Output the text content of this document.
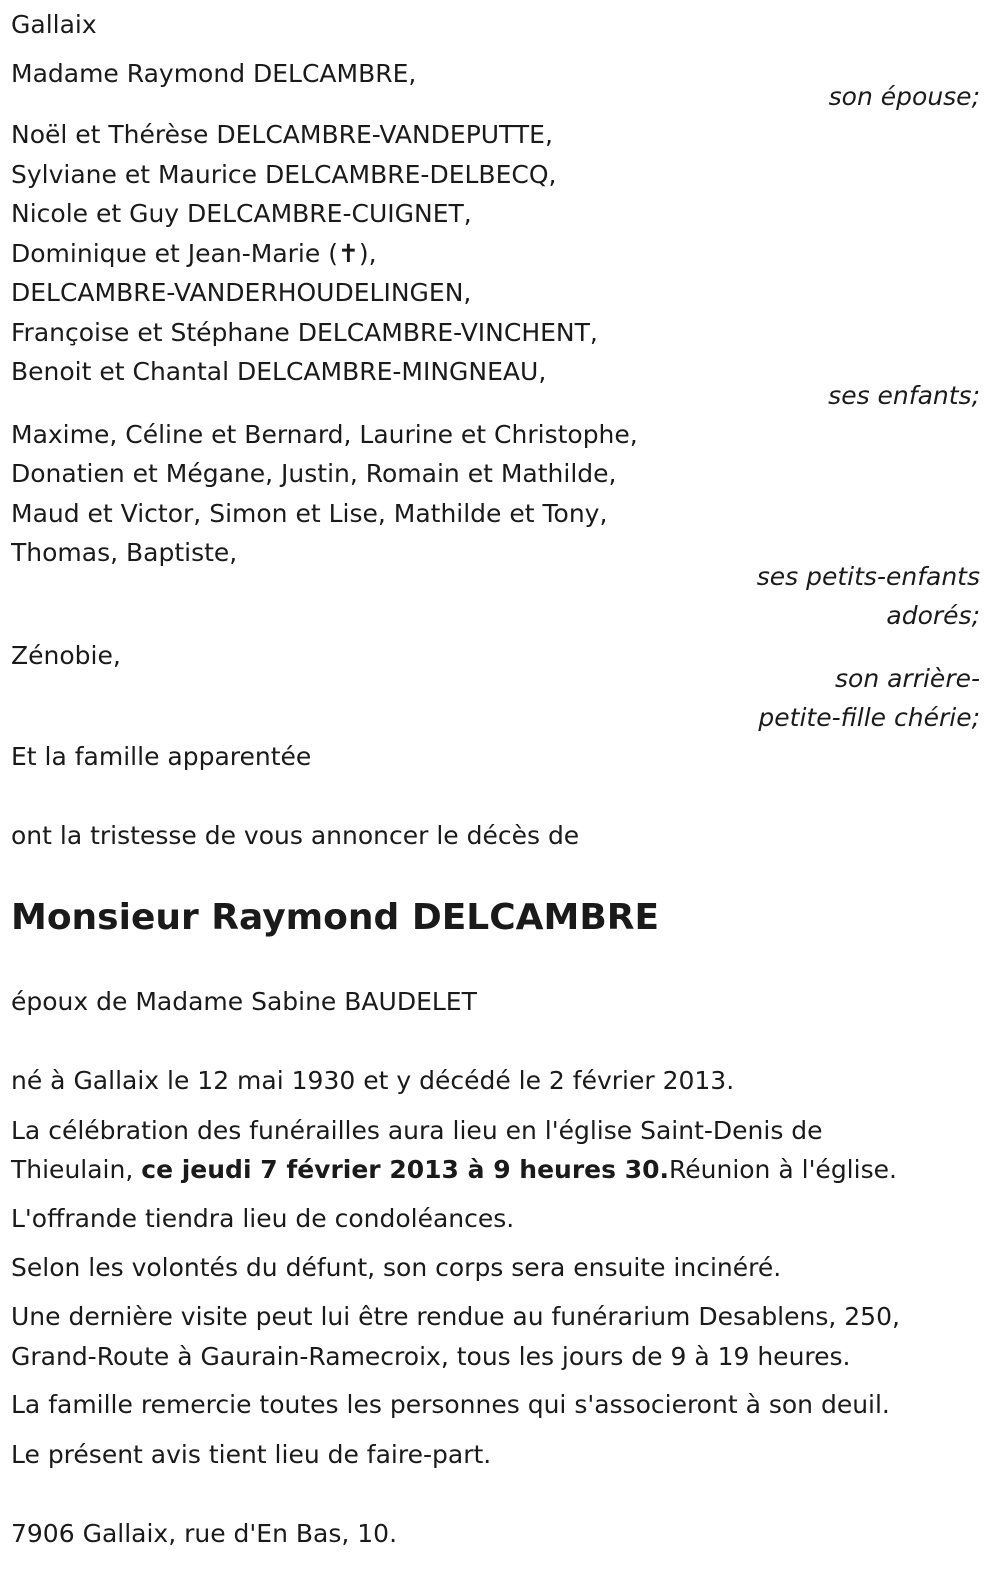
Gallaix
Madame Raymond DELCAMBRE,
son épouse;
Noël et Thérèse DELCAMBRE-VANDEPUTTE,
Sylviane et Maurice DELCAMBRE-DELBECQ,
Nicole et Guy DELCAMBRE-CUIGNET,
Dominique et Jean-Marie (✝),
DELCAMBRE-VANDERHOUDELINGEN,
Françoise et Stéphane DELCAMBRE-VINCHENT,
Benoit et Chantal DELCAMBRE-MINGNEAU,
ses enfants;
Maxime, Céline et Bernard, Laurine et Christophe,
Donatien et Mégane, Justin, Romain et Mathilde,
Maud et Victor, Simon et Lise, Mathilde et Tony,
Thomas, Baptiste,
ses petits-enfants
adorés;
Zénobie,
son arrière-
petite-fille chérie;
Et la famille apparentée
ont la tristesse de vous annoncer le décès de
Monsieur Raymond DELCAMBRE
époux de Madame Sabine BAUDELET
né à Gallaix le 12 mai 1930 et y décédé le 2 février 2013.
La célébration des funérailles aura lieu en l'église Saint-Denis de
Thieulain, ce jeudi 7 février 2013 à 9 heures 30.Réunion à l'église.
L'offrande tiendra lieu de condoléances.
Selon les volontés du défunt, son corps sera ensuite incinéré.
Une dernière visite peut lui être rendue au funérarium Desablens, 250,
Grand-Route à Gaurain-Ramecroix, tous les jours de 9 à 19 heures.
La famille remercie toutes les personnes qui s'associeront à son deuil.
Le présent avis tient lieu de faire-part.
7906 Gallaix, rue d'En Bas, 10.
